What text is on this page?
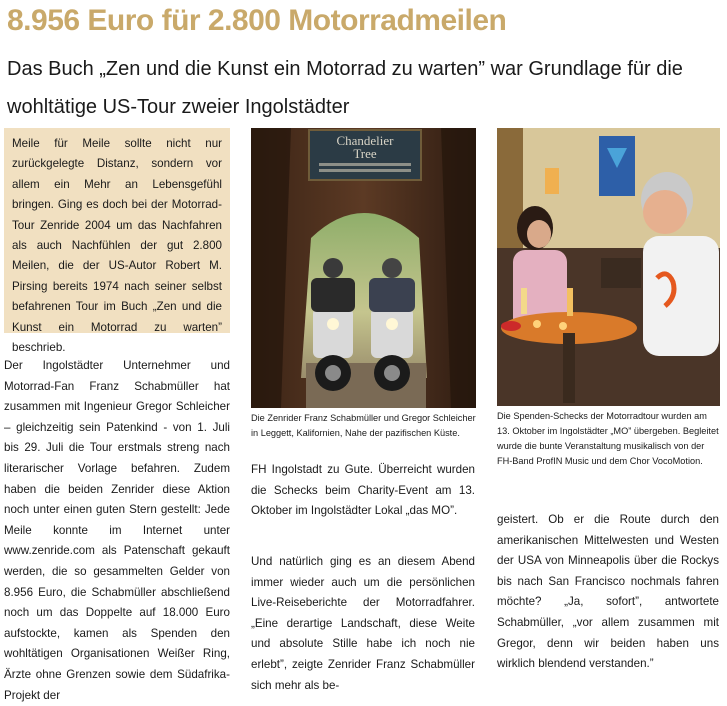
8.956 Euro für 2.800 Motorradmeilen
Das Buch „Zen und die Kunst ein Motorrad zu warten” war Grundlage für die wohltätige US-Tour zweier Ingolstädter
Meile für Meile sollte nicht nur zurückgelegte Distanz, sondern vor allem ein Mehr an Lebensgefühl bringen. Ging es doch bei der Motorrad-Tour Zenride 2004 um das Nachfahren als auch Nachfühlen der gut 2.800 Meilen, die der US-Autor Robert M. Pirsing bereits 1974 nach seiner selbst befahrenen Tour im Buch „Zen und die Kunst ein Motorrad zu warten” beschrieb.

Der Ingolstädter Unternehmer und Motorrad-Fan Franz Schabmüller hat zusammen mit Ingenieur Gregor Schleicher – gleichzeitig sein Patenkind - von 1. Juli bis 29. Juli die Tour erstmals streng nach literarischer Vorlage befahren. Zudem haben die beiden Zenrider diese Aktion noch unter einen guten Stern gestellt: Jede Meile konnte im Internet unter www.zenride.com als Patenschaft gekauft werden, die so gesammelten Gelder von 8.956 Euro, die Schabmüller abschließend noch um das Doppelte auf 18.000 Euro aufstockte, kamen als Spenden den wohltätigen Organisationen Weißer Ring, Ärzte ohne Grenzen sowie dem Südafrika-Projekt der

Chandelier
Tree
Die Zenrider Franz Schabmüller und Gregor Schleicher in Leggett, Kalifornien, Nahe der pazifischen Küste.
Die Spenden-Schecks der Motorradtour wurden am 13. Oktober im Ingolstädter „MO” übergeben. Begleitet wurde die bunte Veranstaltung musikalisch von der FH-Band ProfIN Music und dem Chor VocoMotion.

FH Ingolstadt zu Gute. Überreicht wurden die Schecks beim Charity-Event am 13. Oktober im Ingolstädter Lokal „das MO”.

Und natürlich ging es an diesem Abend immer wieder auch um die persönlichen Live-Reiseberichte der Motorradfahrer. „Eine derartige Landschaft, diese Weite und absolute Stille habe ich noch nie erlebt”, zeigte Zenrider Franz Schabmüller sich mehr als be-

geistert. Ob er die Route durch den amerikanischen Mittelwesten und Westen der USA von Minneapolis über die Rockys bis nach San Francisco nochmals fahren möchte? „Ja, sofort”, antwortete Schabmüller, „vor allem zusammen mit Gregor, denn wir beiden haben uns wirklich blendend verstanden.”
